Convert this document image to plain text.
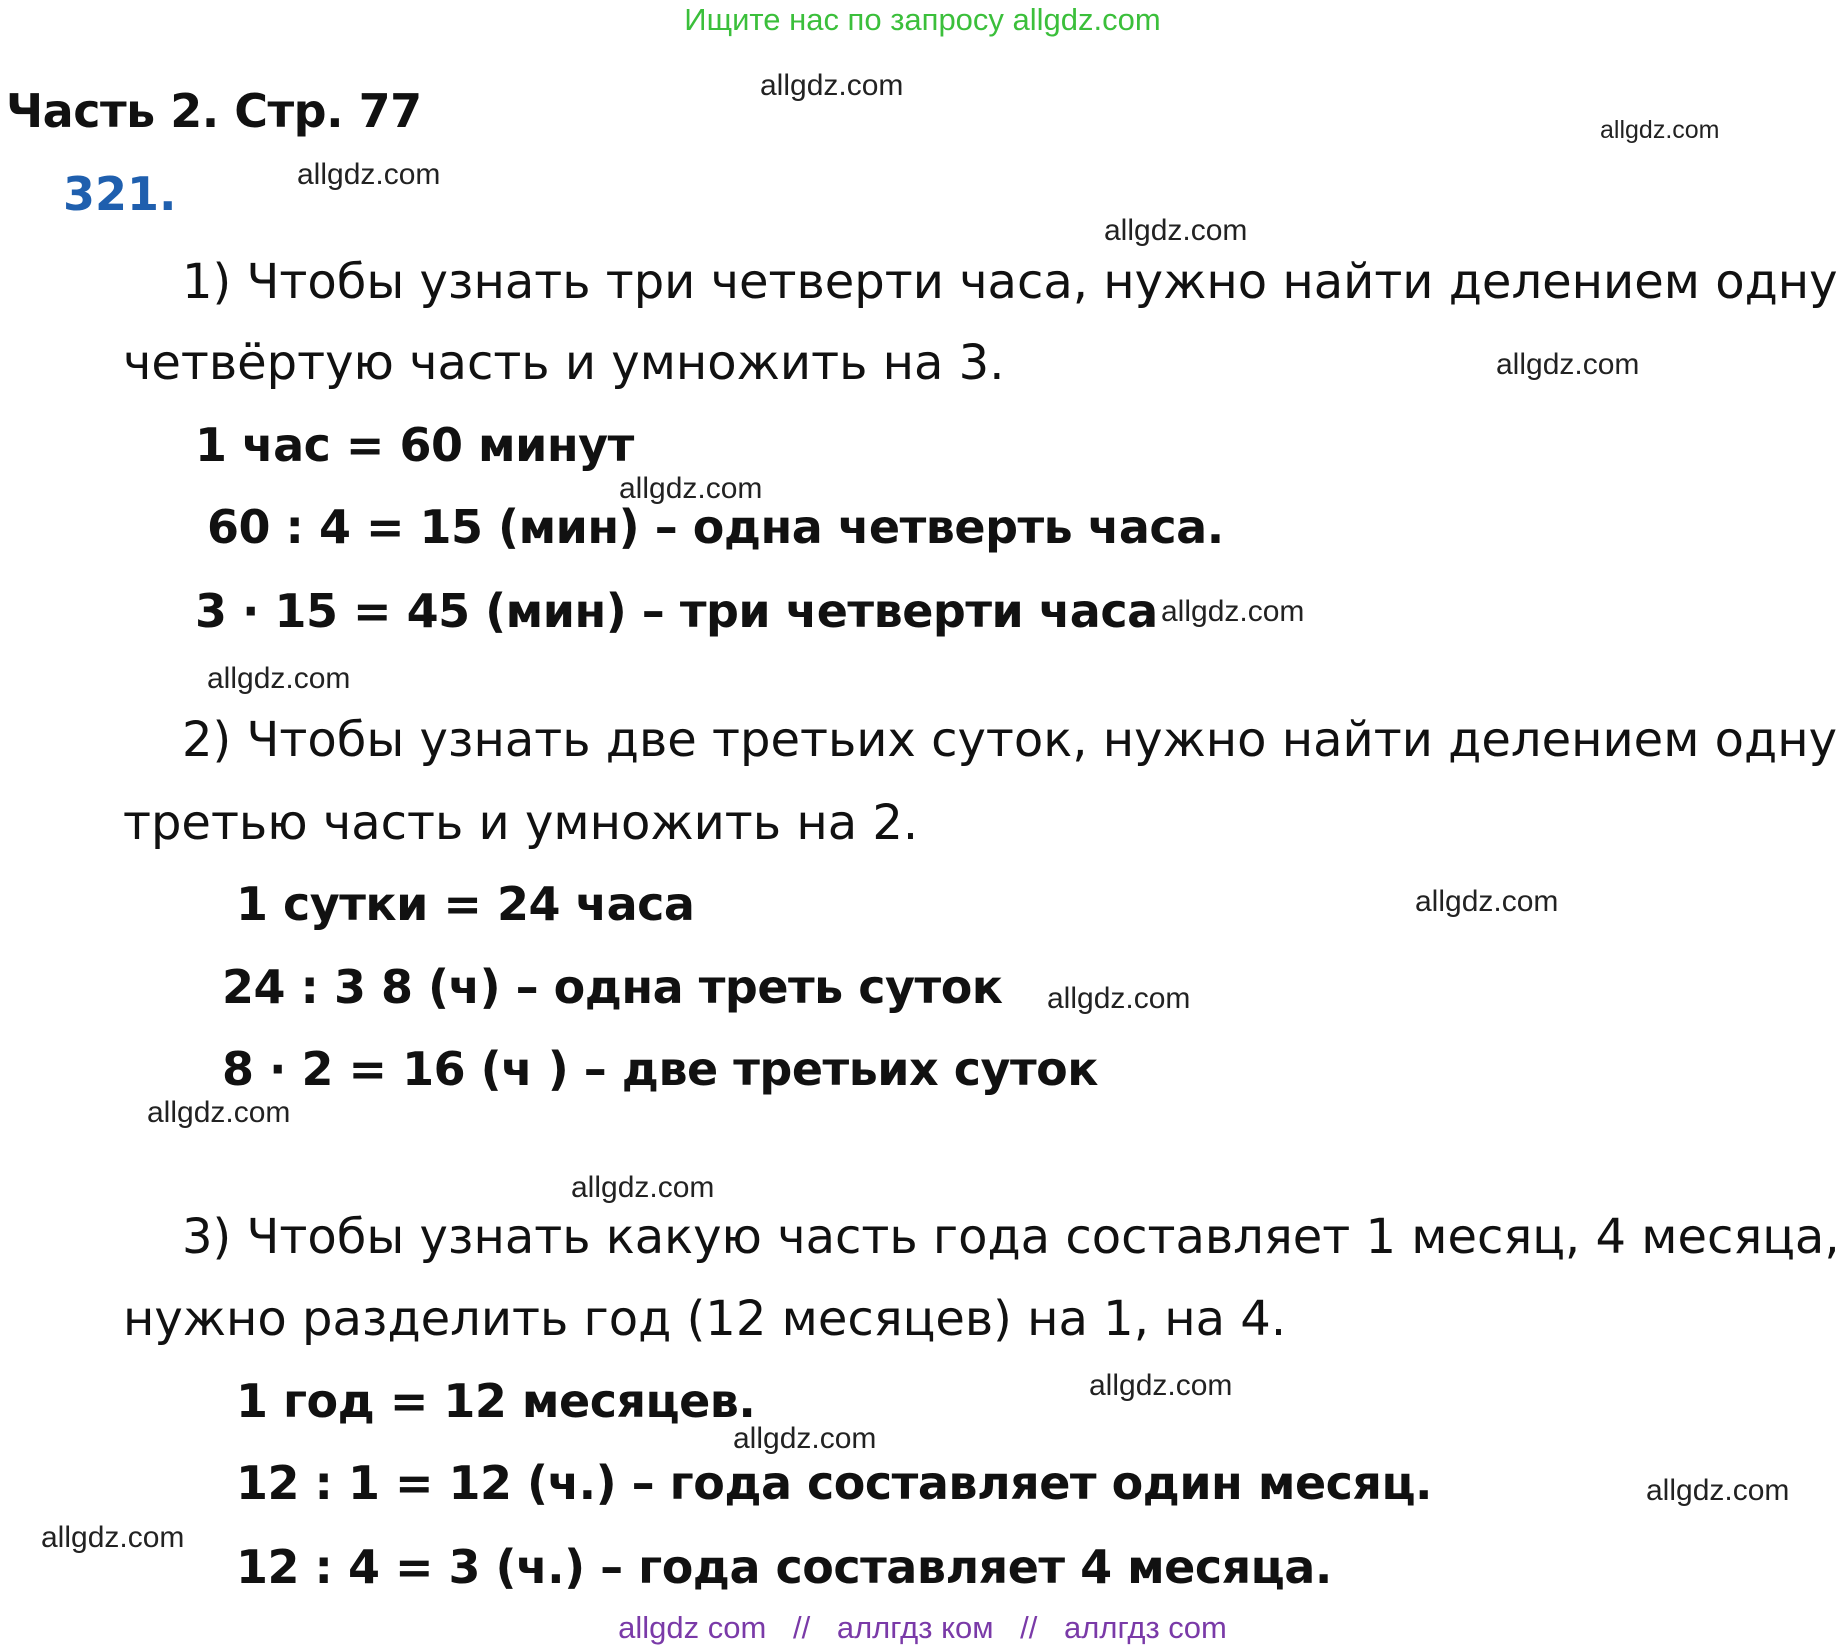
Ищите нас по запросу allgdz.com
Часть 2. Стр. 77
321.
allgdz.com
allgdz.com
allgdz.com
allgdz.com
allgdz.com
allgdz.com
allgdz.com
allgdz.com
allgdz.com
allgdz.com
allgdz.com
allgdz.com
allgdz.com
allgdz.com
allgdz.com
allgdz.com
1) Чтобы узнать три четверти часа, нужно найти делением одну
четвёртую часть и умножить на 3.
1 час = 60 минут
60 : 4 = 15 (мин) – одна четверть часа.
3 · 15 = 45 (мин) – три четверти часа
2) Чтобы узнать две третьих суток, нужно найти делением одну
третью часть и умножить на 2.
1 сутки = 24 часа
24 : 3 8 (ч) – одна треть суток
8 · 2 = 16 (ч ) – две третьих суток
3) Чтобы узнать какую часть года составляет 1 месяц, 4 месяца,
нужно разделить год (12 месяцев) на 1, на 4.
1 год = 12 месяцев.
12 : 1 = 12 (ч.) – года составляет один месяц.
12 : 4 = 3 (ч.) – года составляет 4 месяца.
allgdz com // аллгдз ком // аллгдз com
